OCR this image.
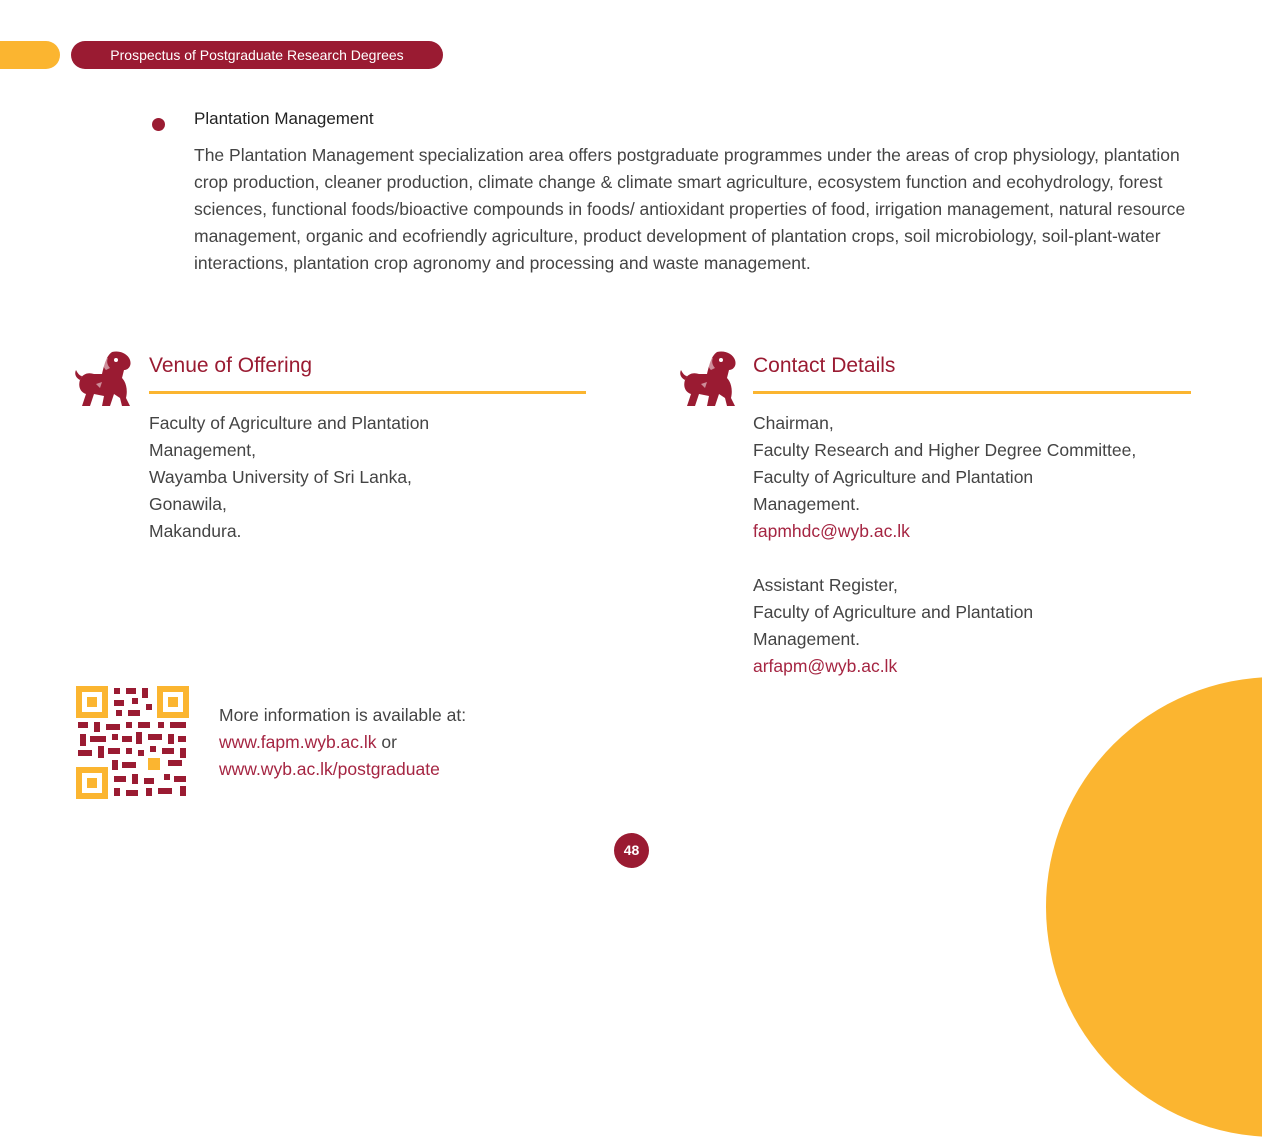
Prospectus of Postgraduate Research Degrees
Plantation Management
The Plantation Management specialization area offers postgraduate programmes under the areas of crop physiology, plantation crop production, cleaner production, climate change & climate smart agriculture, ecosystem function and ecohydrology, forest sciences, functional foods/bioactive compounds in foods/ antioxidant properties of food, irrigation management, natural resource management, organic and ecofriendly agriculture, product development of plantation crops, soil microbiology, soil-plant-water interactions, plantation crop agronomy and processing and waste management.
Venue of Offering
Faculty of Agriculture and Plantation
Management,
Wayamba University of Sri Lanka,
Gonawila,
Makandura.
Contact Details
Chairman,
Faculty Research and Higher Degree Committee,
Faculty of Agriculture and Plantation
Management.
fapmhdc@wyb.ac.lk
Assistant Register,
Faculty of Agriculture and Plantation
Management.
arfapm@wyb.ac.lk
More information is available at:
www.fapm.wyb.ac.lk or
www.wyb.ac.lk/postgraduate
48
